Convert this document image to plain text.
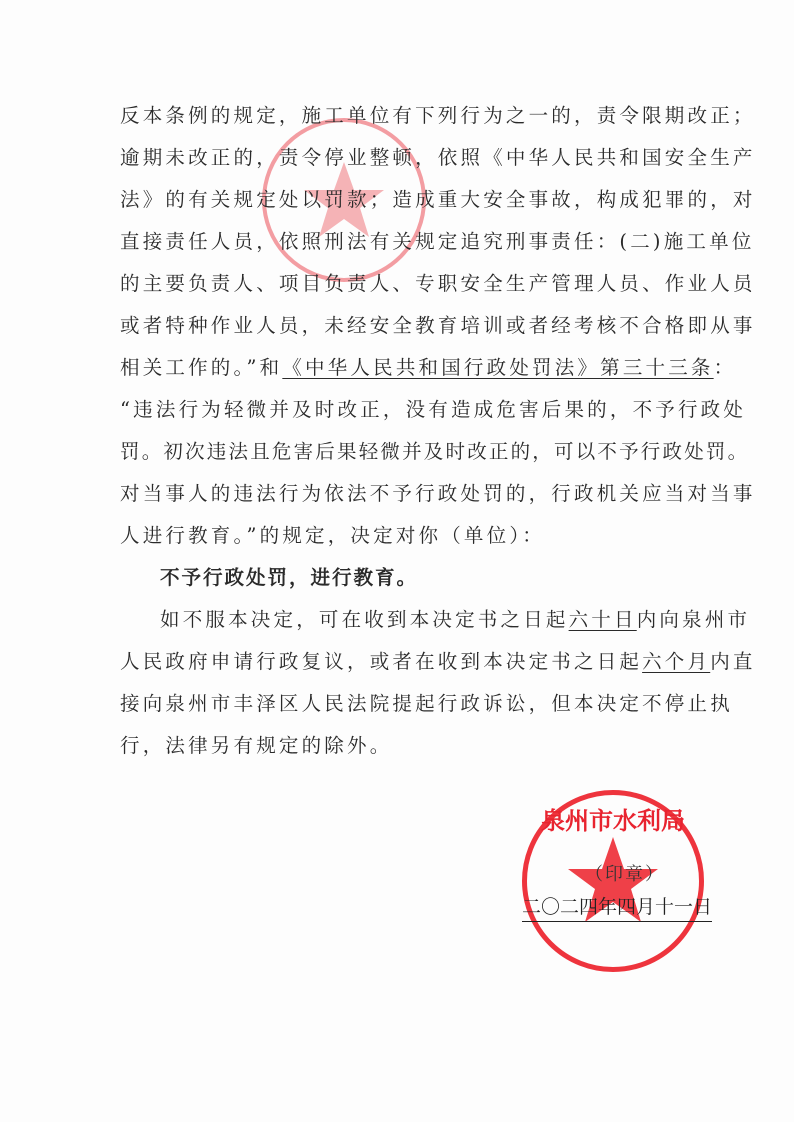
反本条例的规定，施工单位有下列行为之一的，责令限期改正；
逾期未改正的，责令停业整顿，依照《中华人民共和国安全生产
法》的有关规定处以罚款；造成重大安全事故，构成犯罪的，对
直接责任人员，依照刑法有关规定追究刑事责任：(二)施工单位
的主要负责人、项目负责人、专职安全生产管理人员、作业人员
或者特种作业人员，未经安全教育培训或者经考核不合格即从事
相关工作的。”和《中华人民共和国行政处罚法》第三十三条：
“违法行为轻微并及时改正，没有造成危害后果的，不予行政处
罚。初次违法且危害后果轻微并及时改正的，可以不予行政处罚。
对当事人的违法行为依法不予行政处罚的，行政机关应当对当事
人进行教育。”的规定，决定对你（单位）：
不予行政处罚，进行教育。
如不服本决定，可在收到本决定书之日起六十日内向泉州市
人民政府申请行政复议，或者在收到本决定书之日起六个月内直
接向泉州市丰泽区人民法院提起行政诉讼，但本决定不停止执
行，法律另有规定的除外。
泉州市水利局
（印章）
二〇二四年四月十一日
